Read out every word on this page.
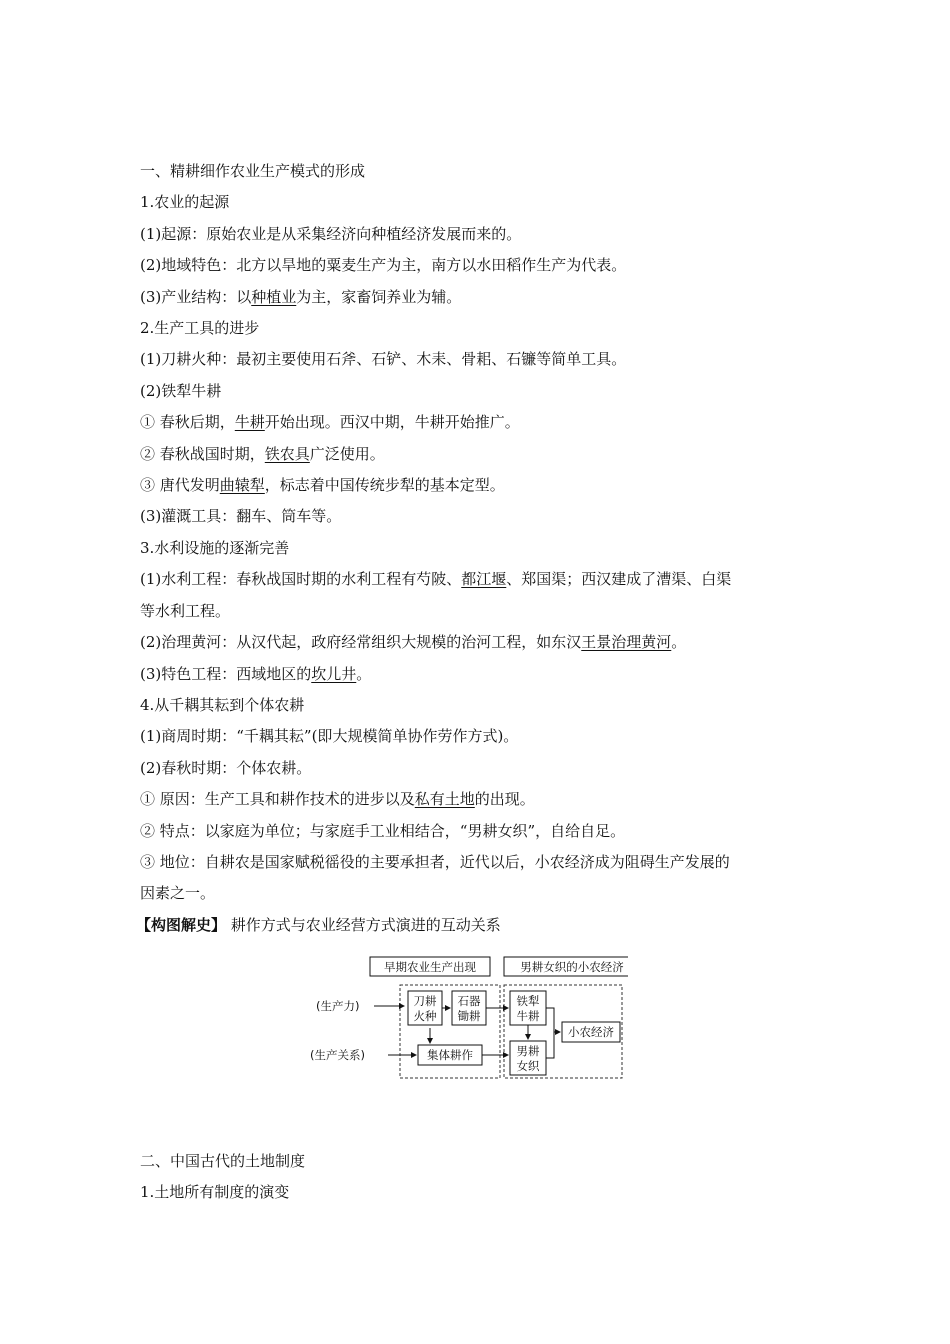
一、精耕细作农业生产模式的形成
1.农业的起源
(1)起源：原始农业是从采集经济向种植经济发展而来的。
(2)地域特色：北方以旱地的粟麦生产为主，南方以水田稻作生产为代表。
(3)产业结构：以种植业为主，家畜饲养业为辅。
2.生产工具的进步
(1)刀耕火种：最初主要使用石斧、石铲、木耒、骨耜、石镰等简单工具。
(2)铁犁牛耕
① 春秋后期，牛耕开始出现。西汉中期，牛耕开始推广。
② 春秋战国时期，铁农具广泛使用。
③ 唐代发明曲辕犁，标志着中国传统步犁的基本定型。
(3)灌溉工具：翻车、筒车等。
3.水利设施的逐渐完善
(1)水利工程：春秋战国时期的水利工程有芍陂、都江堰、郑国渠；西汉建成了漕渠、白渠
等水利工程。
(2)治理黄河：从汉代起，政府经常组织大规模的治河工程，如东汉王景治理黄河。
(3)特色工程：西域地区的坎儿井。
4.从千耦其耘到个体农耕
(1)商周时期：“千耦其耘”(即大规模简单协作劳作方式)。
(2)春秋时期：个体农耕。
① 原因：生产工具和耕作技术的进步以及私有土地的出现。
② 特点：以家庭为单位；与家庭手工业相结合，“男耕女织”，自给自足。
③ 地位：自耕农是国家赋税徭役的主要承担者，近代以后，小农经济成为阻碍生产发展的
因素之一。
【构图解史】 耕作方式与农业经营方式演进的互动关系
早期农业生产出现	男耕女织的小农经济
(生产力)
(生产关系)
刀耕
火种
石器
锄耕
集体耕作
铁犁
牛耕
男耕
女织
小农经济
二、中国古代的土地制度
1.土地所有制度的演变
